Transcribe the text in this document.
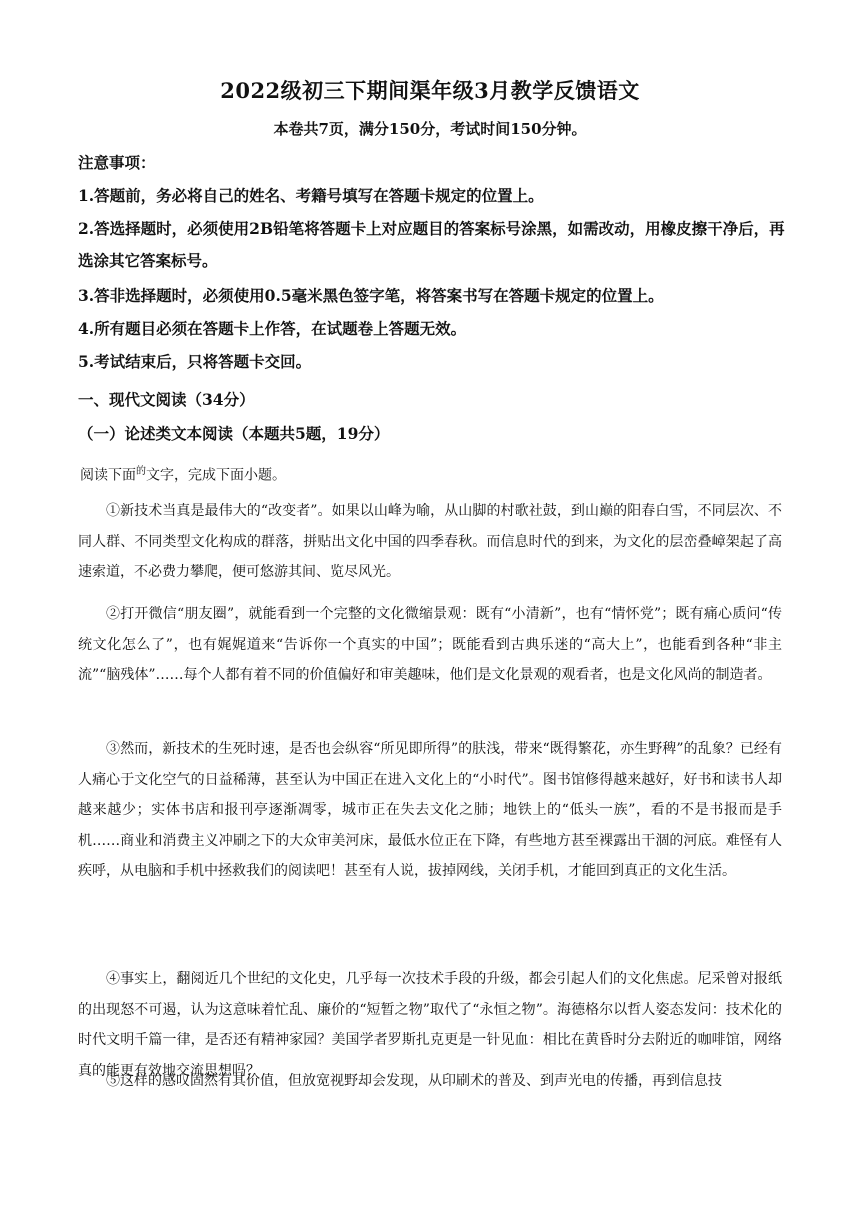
2022级初三下期间渠年级3月教学反馈语文
本卷共7页，满分150分，考试时间150分钟。
注意事项：
1.答题前，务必将自己的姓名、考籍号填写在答题卡规定的位置上。
2.答选择题时，必须使用2B铅笔将答题卡上对应题目的答案标号涂黑，如需改动，用橡皮擦干净后，再选涂其它答案标号。
3.答非选择题时，必须使用0.5毫米黑色签字笔，将答案书写在答题卡规定的位置上。
4.所有题目必须在答题卡上作答，在试题卷上答题无效。
5.考试结束后，只将答题卡交回。
一、现代文阅读（34分）
（一）论述类文本阅读（本题共5题，19分）
阅读下面$^的$文字，完成下面小题。
①新技术当真是最伟大的“改变者”。如果以山峰为喻，从山脚的村歌社鼓，到山巅的阳春白雪，不同层次、不同人群、不同类型文化构成的群落，拼贴出文化中国的四季春秋。而信息时代的到来，为文化的层峦叠嶂架起了高速索道，不必费力攀爬，便可悠游其间、览尽风光。
②打开微信“朋友圈”，就能看到一个完整的文化微缩景观：既有“小清新”，也有“情怀党”；既有痛心质问“传统文化怎么了”，也有娓娓道来“告诉你一个真实的中国”；既能看到古典乐迷的“高大上”，也能看到各种“非主流”“脑残体”……每个人都有着不同的价值偏好和审美趣味，他们是文化景观的观看者，也是文化风尚的制造者。
③然而，新技术的生死时速，是否也会纵容“所见即所得”的肤浅，带来“既得繁花，亦生野稗”的乱象？已经有人痛心于文化空气的日益稀薄，甚至认为中国正在进入文化上的“小时代”。图书馆修得越来越好，好书和读书人却越来越少；实体书店和报刊亭逐渐凋零，城市正在失去文化之肺；地铁上的“低头一族”，看的不是书报而是手机……商业和消费主义冲刷之下的大众审美河床，最低水位正在下降，有些地方甚至裸露出干涸的河底。难怪有人疾呼，从电脑和手机中拯救我们的阅读吧！甚至有人说，拔掉网线，关闭手机，才能回到真正的文化生活。
④事实上，翻阅近几个世纪的文化史，几乎每一次技术手段的升级，都会引起人们的文化焦虑。尼采曾对报纸的出现怒不可遏，认为这意味着忙乱、廉价的“短暂之物”取代了“永恒之物”。海德格尔以哲人姿态发问：技术化的时代文明千篇一律，是否还有精神家园？美国学者罗斯扎克更是一针见血：相比在黄昏时分去附近的咖啡馆，网络真的能更有效地交流思想吗？
⑤这样的感叹固然有其价值，但放宽视野却会发现，从印刷术的普及、到声光电的传播，再到信息技
